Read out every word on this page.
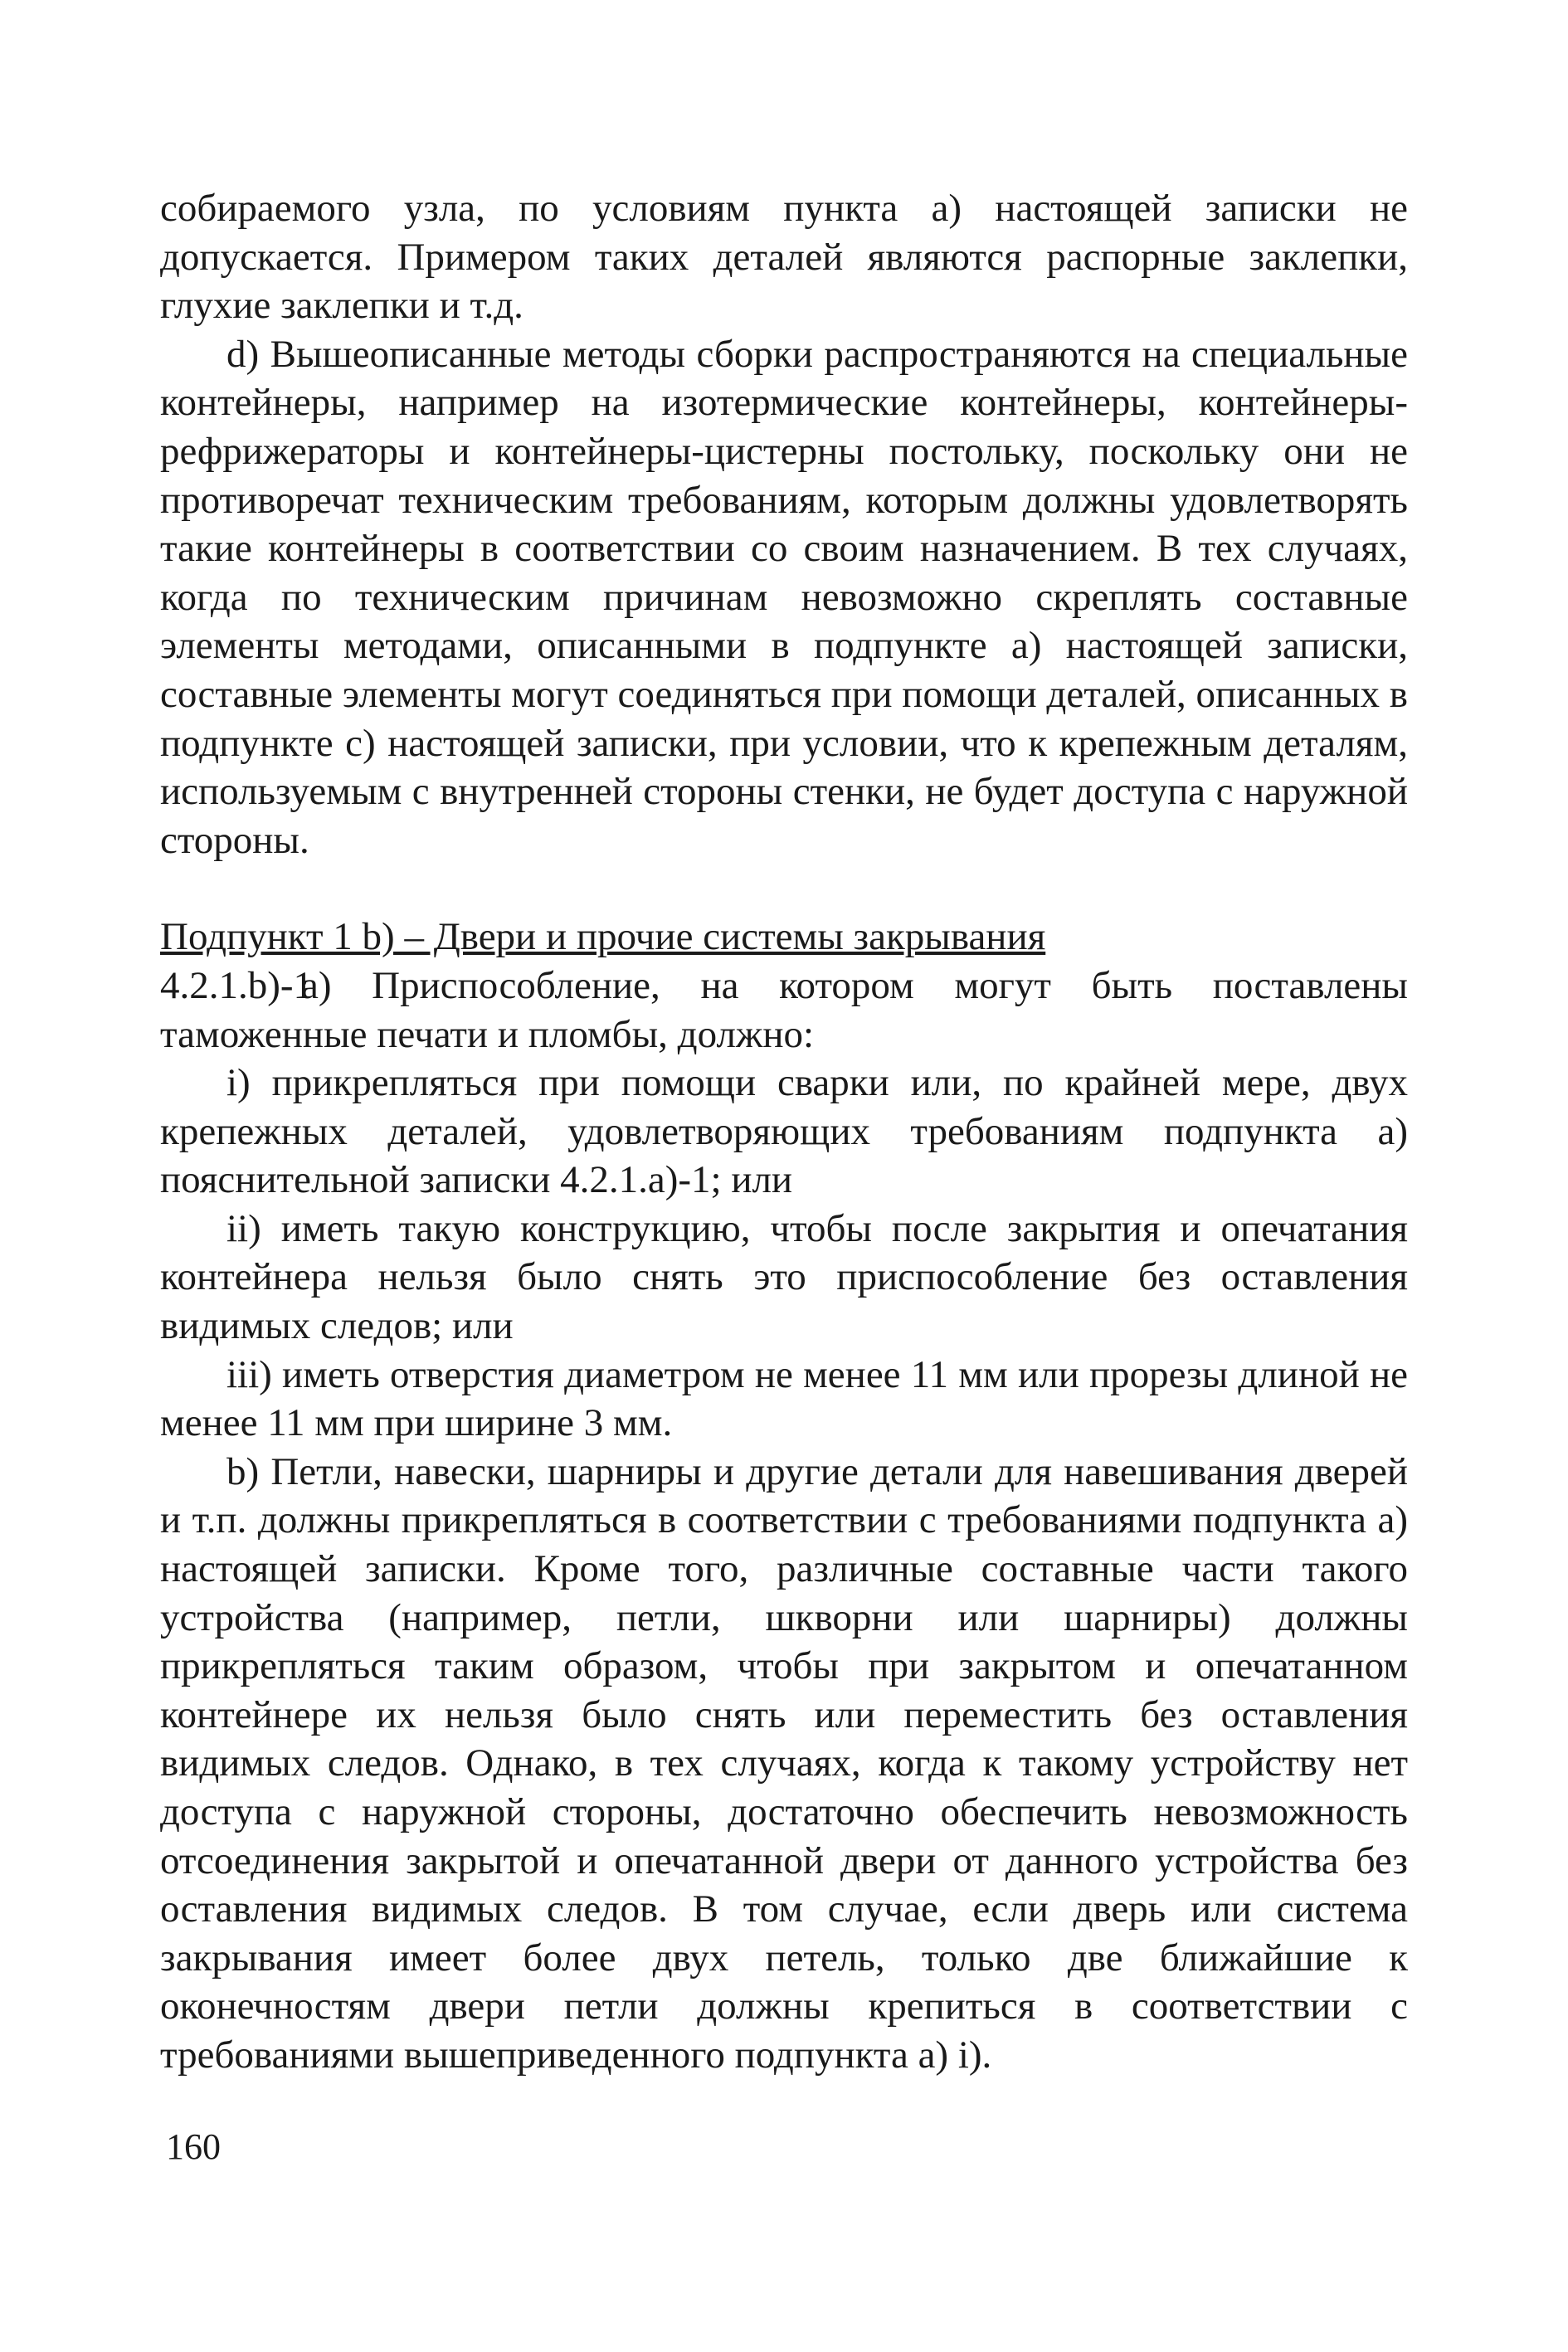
собираемого узла, по условиям пункта a) настоящей записки не допускается. Примером таких деталей являются распорные заклепки, глухие заклепки и т.д.

d) Вышеописанные методы сборки распространяются на специальные контейнеры, например на изотермические контейнеры, контейнеры-рефрижераторы и контейнеры-цистерны постольку, поскольку они не противоречат техническим требованиям, которым должны удовлетворять такие контейнеры в соответствии со своим назначением. В тех случаях, когда по техническим причинам невозможно скреплять составные элементы методами, описанными в подпункте a) настоящей записки, составные элементы могут соединяться при помощи деталей, описанных в подпункте c) настоящей записки, при условии, что к крепежным деталям, используемым с внутренней стороны стенки, не будет доступа с наружной стороны.

Подпункт 1 b) – Двери и прочие системы закрывания

4.2.1.b)-1a) Приспособление, на котором могут быть поставлены таможенные печати и пломбы, должно:

i) прикрепляться при помощи сварки или, по крайней мере, двух крепежных деталей, удовлетворяющих требованиям подпункта a) пояснительной записки 4.2.1.a)-1; или

ii) иметь такую конструкцию, чтобы после закрытия и опечатания контейнера нельзя было снять это приспособление без оставления видимых следов; или

iii) иметь отверстия диаметром не менее 11 мм или прорезы длиной не менее 11 мм при ширине 3 мм.

b) Петли, навески, шарниры и другие детали для навешивания дверей и т.п. должны прикрепляться в соответствии с требованиями подпункта a) настоящей записки. Кроме того, различные составные части такого устройства (например, петли, шкворни или шарниры) должны прикрепляться таким образом, чтобы при закрытом и опечатанном контейнере их нельзя было снять или переместить без оставления видимых следов. Однако, в тех случаях, когда к такому устройству нет доступа с наружной стороны, достаточно обеспечить невозможность отсоединения закрытой и опечатанной двери от данного устройства без оставления видимых следов. В том случае, если дверь или система закрывания имеет более двух петель, только две ближайшие к оконечностям двери петли должны крепиться в соответствии с требованиями вышеприведенного подпункта a) i).

160
